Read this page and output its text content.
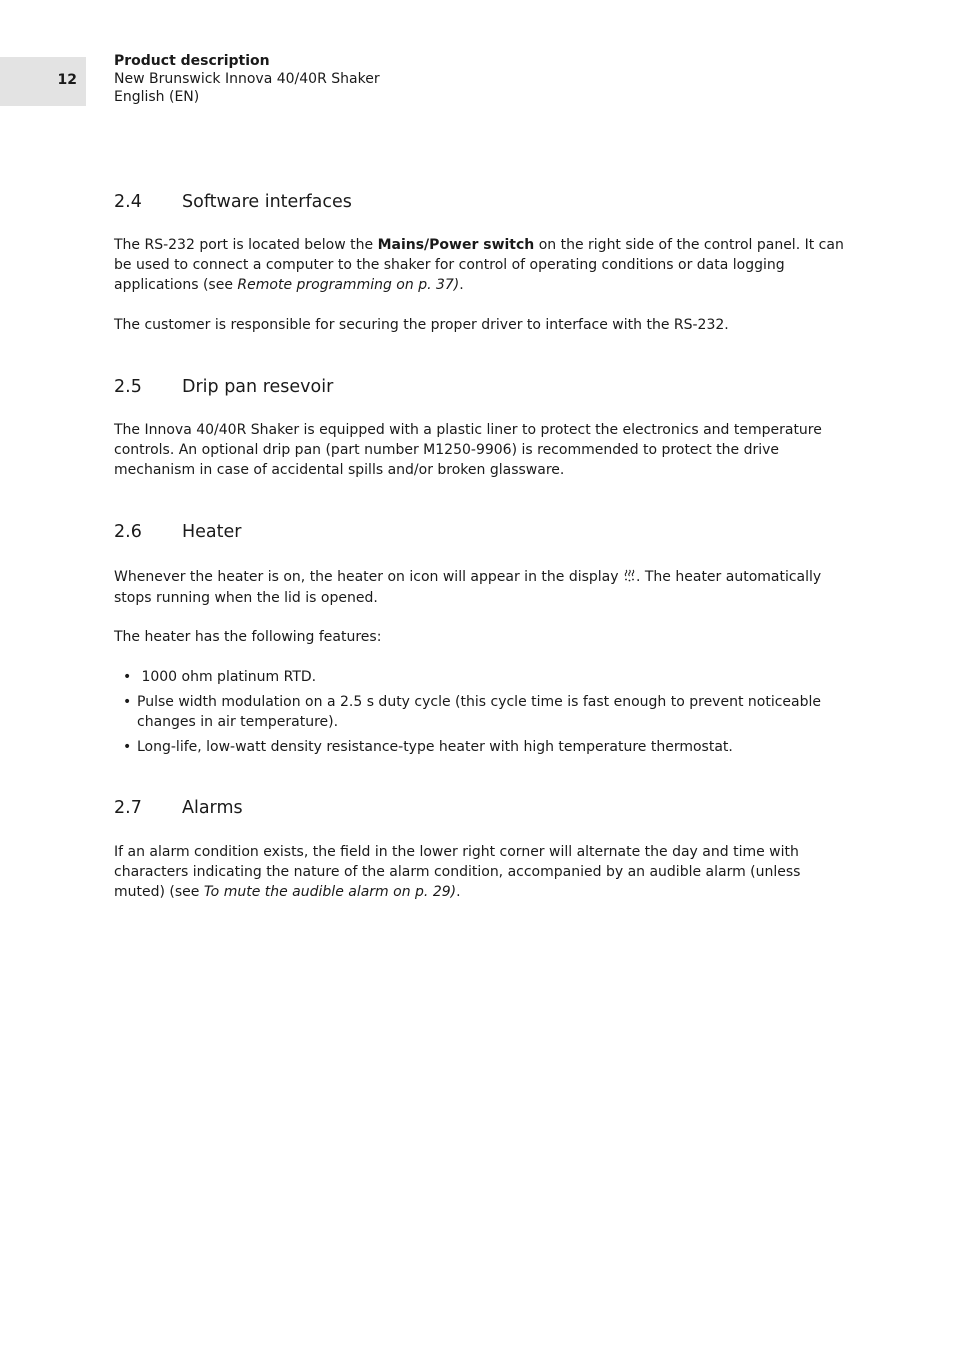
12
Product description
New Brunswick Innova 40/40R Shaker
English (EN)
2.4 Software interfaces
The RS-232 port is located below the Mains/Power switch on the right side of the control panel. It can be used to connect a computer to the shaker for control of operating conditions or data logging applications (see Remote programming on p. 37).
The customer is responsible for securing the proper driver to interface with the RS-232.
2.5 Drip pan resevoir
The Innova 40/40R Shaker is equipped with a plastic liner to protect the electronics and temperature controls. An optional drip pan (part number M1250-9906) is recommended to protect the drive mechanism in case of accidental spills and/or broken glassware.
2.6 Heater
Whenever the heater is on, the heater on icon will appear in the display . The heater automatically stops running when the lid is opened.
The heater has the following features:
• 1000 ohm platinum RTD.
• Pulse width modulation on a 2.5 s duty cycle (this cycle time is fast enough to prevent noticeable changes in air temperature).
• Long-life, low-watt density resistance-type heater with high temperature thermostat.
2.7 Alarms
If an alarm condition exists, the field in the lower right corner will alternate the day and time with characters indicating the nature of the alarm condition, accompanied by an audible alarm (unless muted) (see To mute the audible alarm on p. 29).
